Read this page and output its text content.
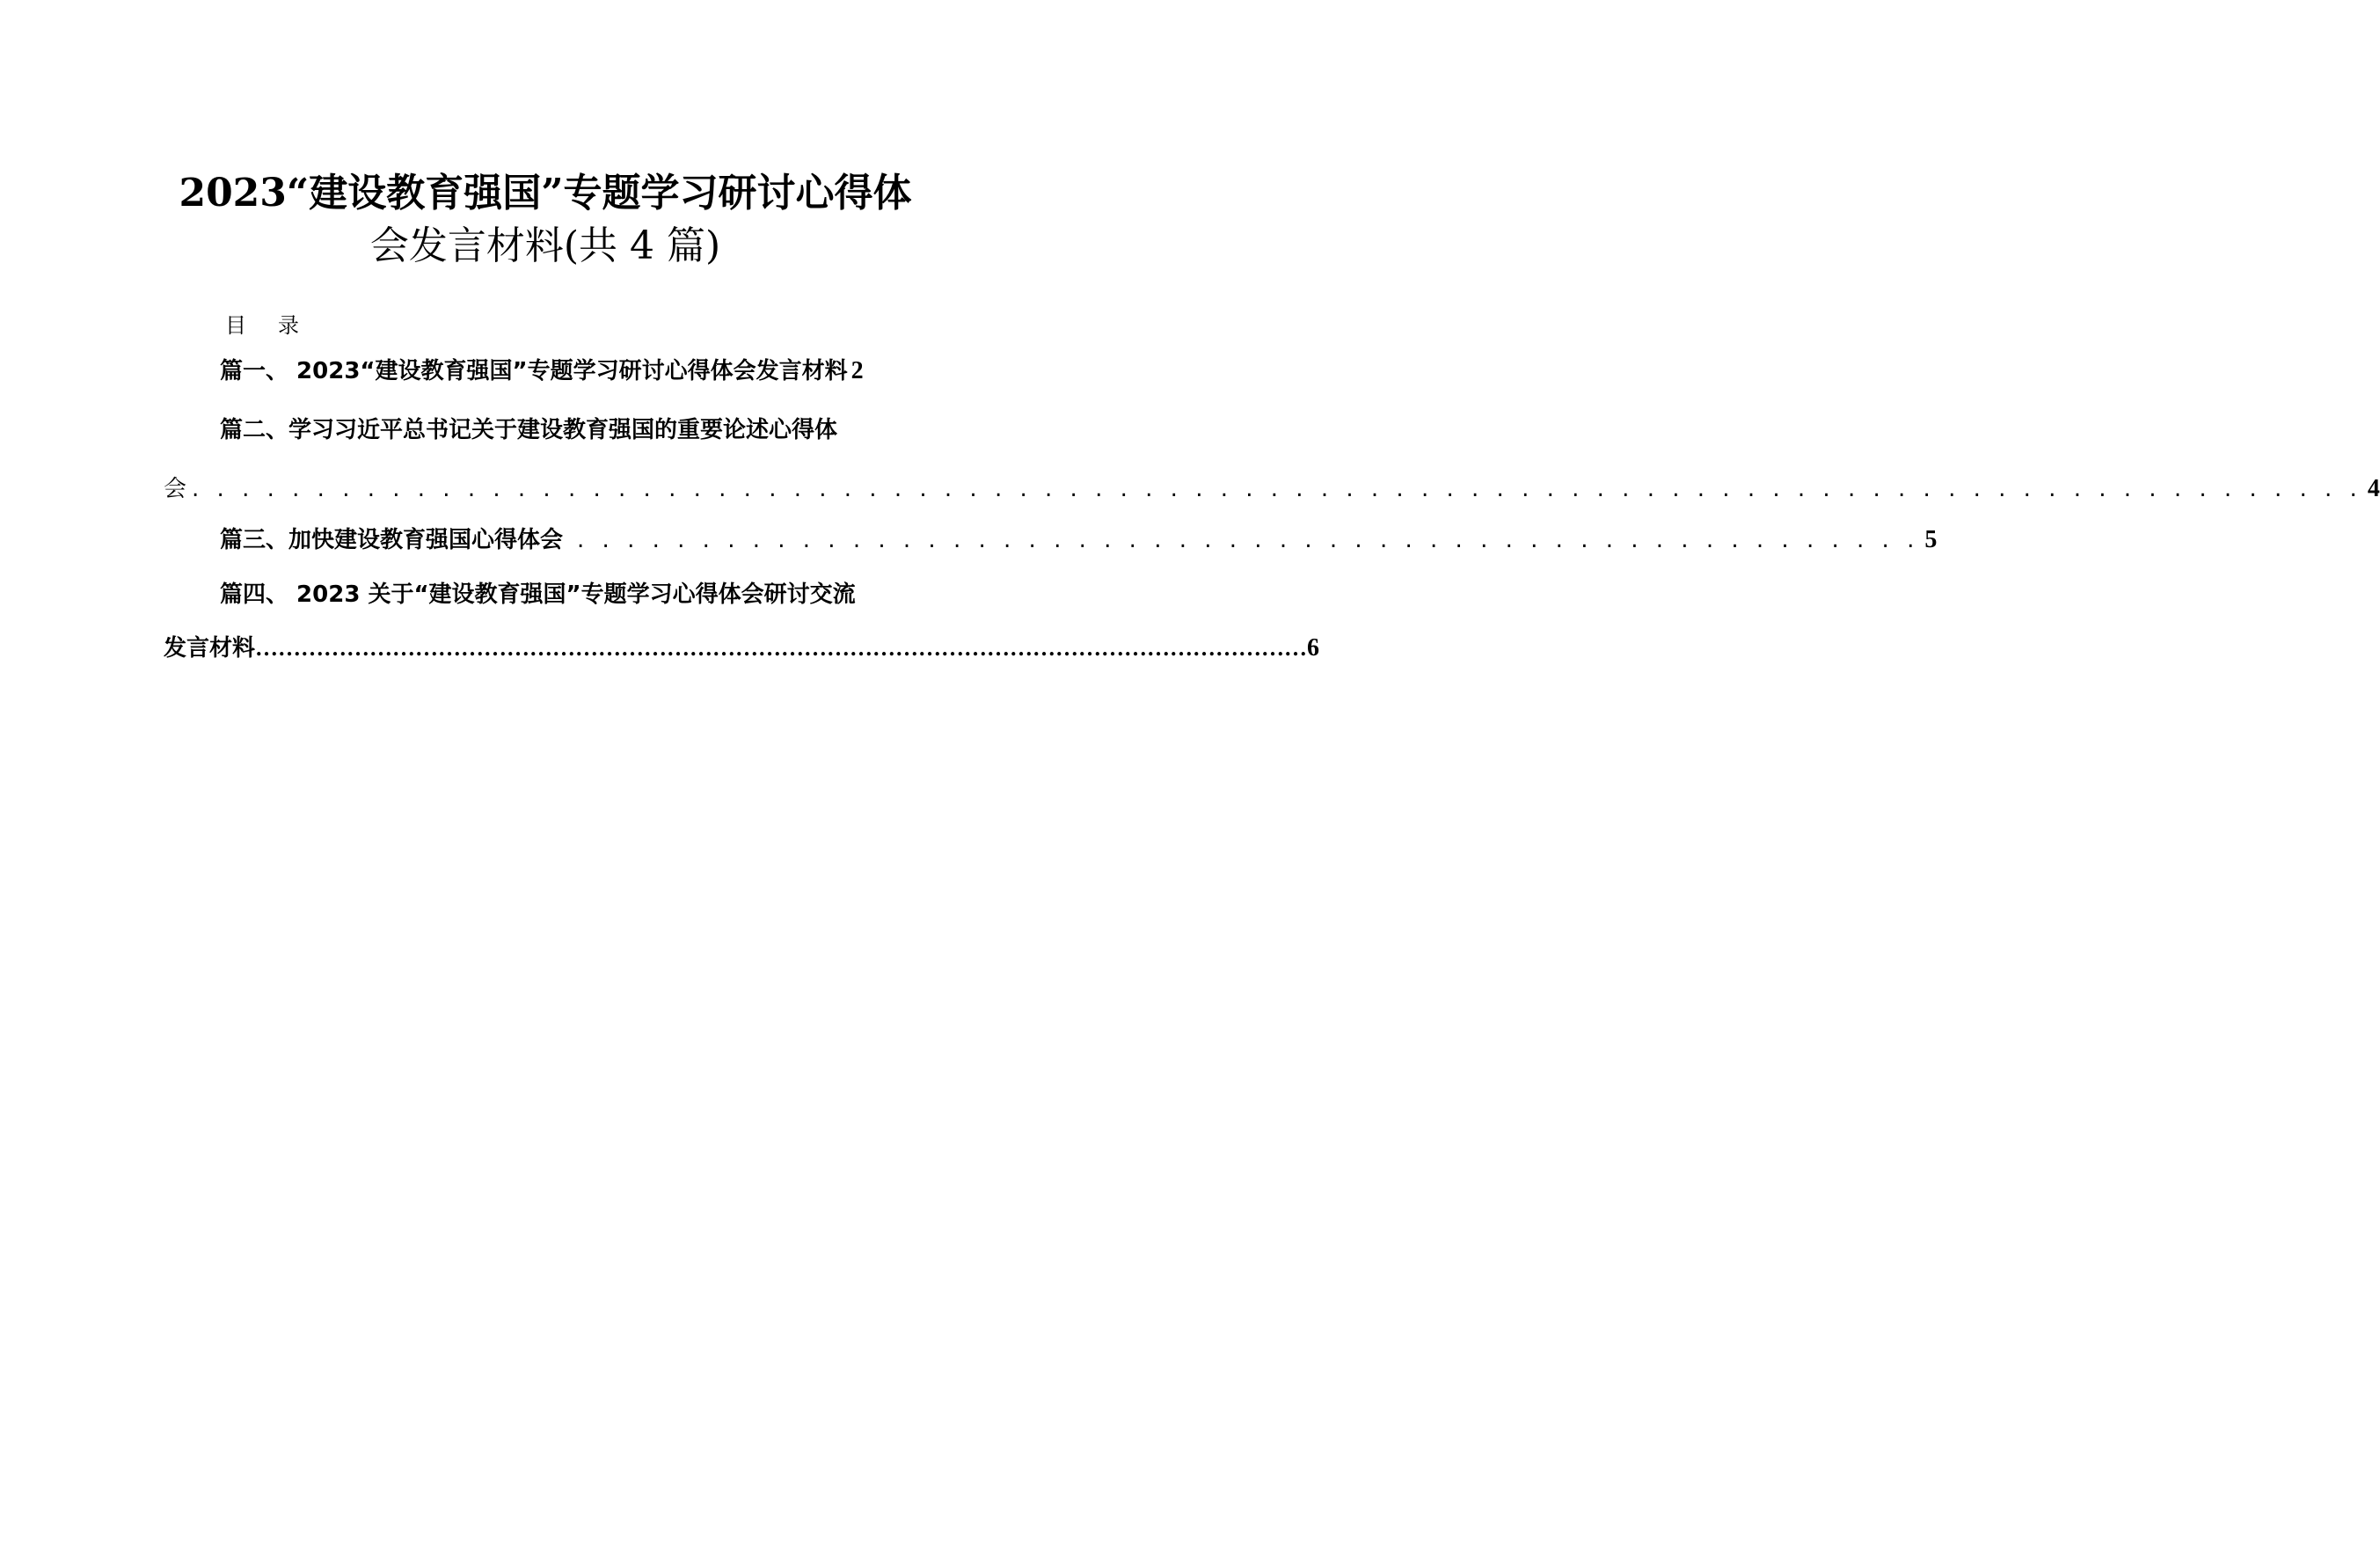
2023“建设教育强国”专题学习研讨心得体
会发言材料(共 4 篇)
目录
篇一、 2023“建设教育强国”专题学习研讨心得体会发言材料 2
篇二、学习习近平总书记关于建设教育强国的重要论述心得体
会 . . . . . . . . . . . . . . . . . . . . . . . . . . . . . . . . . . . . . . . . . . . . . . . . . . . . . . . . . . . . . . . . . . . . . . . . . . . . . . . . . . . . . . . 4
篇三、加快建设教育强国心得体会 . . . . . . . . . . . . . . . . . . . . . . . . . . . . . . . . . . . . . . . . . . . . . . . . . . . . . . 5
篇四、 2023 关于“建设教育强国”专题学习心得体会研讨交流
发言材料 ………………………………………………………………………………………………………………………… 6
